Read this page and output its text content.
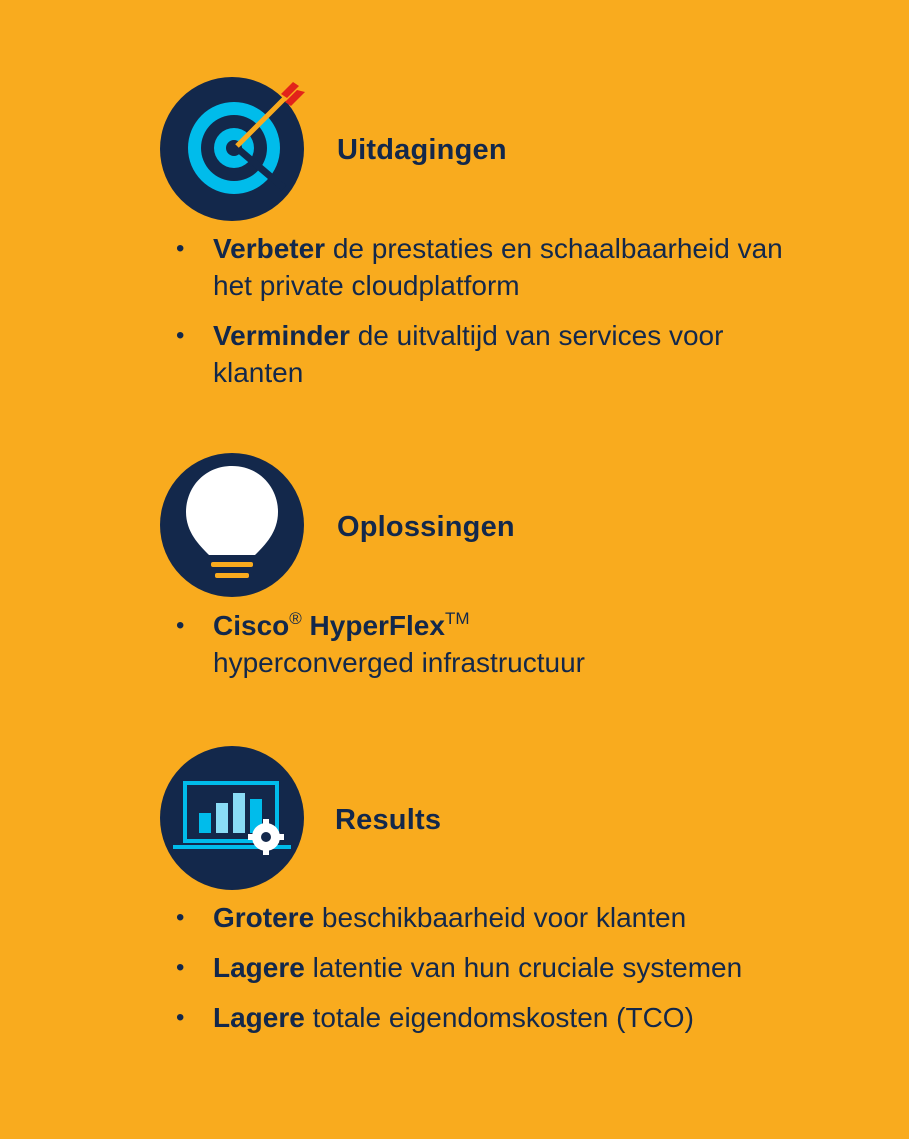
Uitdagingen
• Verbeter de prestaties en schaalbaarheid van het private cloudplatform
• Verminder de uitvaltijd van services voor klanten
Oplossingen
• Cisco® HyperFlex™
hyperconverged infrastructuur
Results
• Grotere beschikbaarheid voor klanten
• Lagere latentie van hun cruciale systemen
• Lagere totale eigendomskosten (TCO)
